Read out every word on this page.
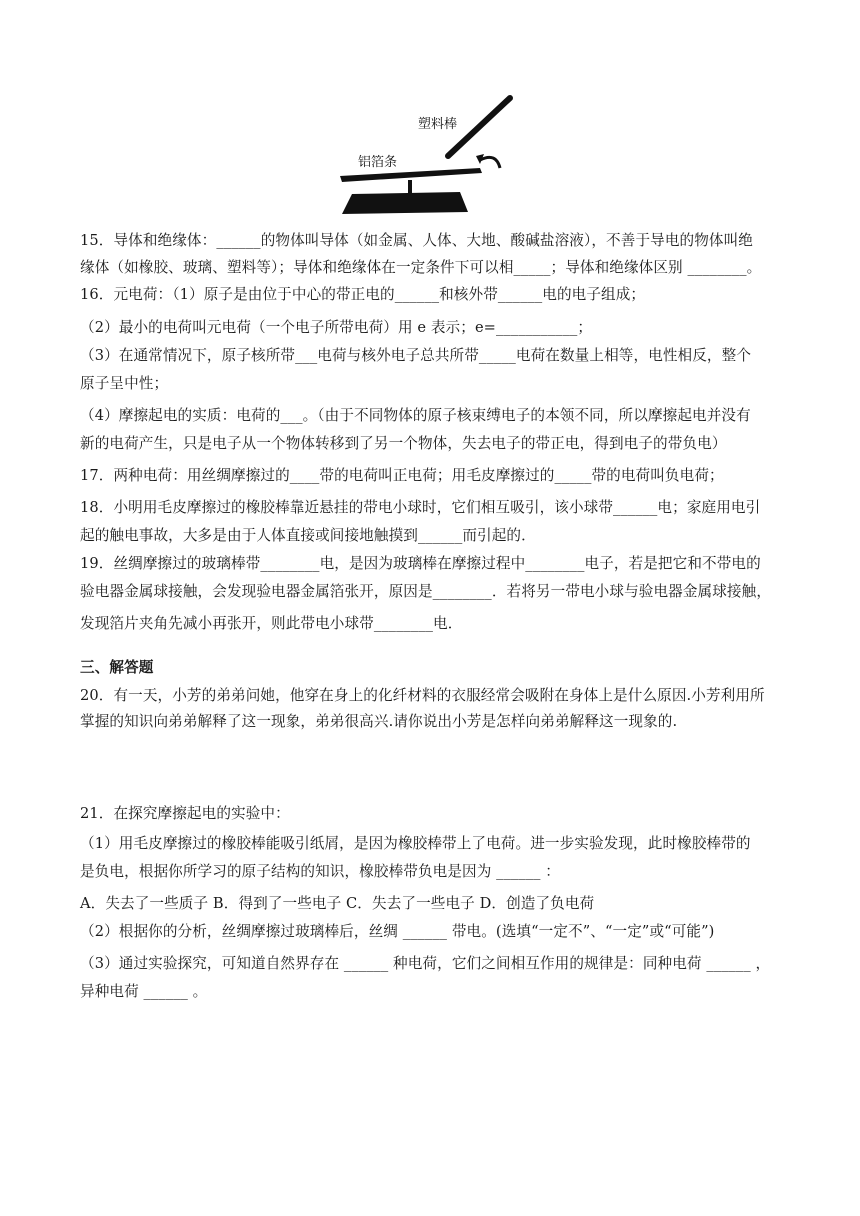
塑料棒
铝箔条
15．导体和绝缘体：______的物体叫导体（如金属、人体、大地、酸碱盐溶液），不善于导电的物体叫绝
缘体（如橡胶、玻璃、塑料等）；导体和绝缘体在一定条件下可以相_____；导体和绝缘体区别 ________。
16．元电荷：（1）原子是由位于中心的带正电的______和核外带______电的电子组成；
（2）最小的电荷叫元电荷（一个电子所带电荷）用 e 表示；e=___________；
（3）在通常情况下，原子核所带___电荷与核外电子总共所带_____电荷在数量上相等，电性相反，整个
原子呈中性；
（4）摩擦起电的实质：电荷的___。（由于不同物体的原子核束缚电子的本领不同，所以摩擦起电并没有
新的电荷产生，只是电子从一个物体转移到了另一个物体，失去电子的带正电，得到电子的带负电）
17．两种电荷：用丝绸摩擦过的____带的电荷叫正电荷；用毛皮摩擦过的_____带的电荷叫负电荷；
18．小明用毛皮摩擦过的橡胶棒靠近悬挂的带电小球时，它们相互吸引，该小球带______电；家庭用电引
起的触电事故，大多是由于人体直接或间接地触摸到______而引起的．
19．丝绸摩擦过的玻璃棒带________电，是因为玻璃棒在摩擦过程中________电子，若是把它和不带电的
验电器金属球接触，会发现验电器金属箔张开，原因是________．若将另一带电小球与验电器金属球接触，
发现箔片夹角先减小再张开，则此带电小球带________电．
三、解答题
20．有一天，小芳的弟弟问她，他穿在身上的化纤材料的衣服经常会吸附在身体上是什么原因.小芳利用所
掌握的知识向弟弟解释了这一现象，弟弟很高兴.请你说出小芳是怎样向弟弟解释这一现象的.
21．在探究摩擦起电的实验中：
（1）用毛皮摩擦过的橡胶棒能吸引纸屑，是因为橡胶棒带上了电荷。进一步实验发现，此时橡胶棒带的
是负电，根据你所学习的原子结构的知识，橡胶棒带负电是因为 ______ ：
A．失去了一些质子 B．得到了一些电子 C．失去了一些电子 D．创造了负电荷
（2）根据你的分析，丝绸摩擦过玻璃棒后，丝绸 ______ 带电。(选填“一定不”、“一定”或“可能”)
（3）通过实验探究，可知道自然界存在 ______ 种电荷，它们之间相互作用的规律是：同种电荷 ______ ，
异种电荷 ______ 。
